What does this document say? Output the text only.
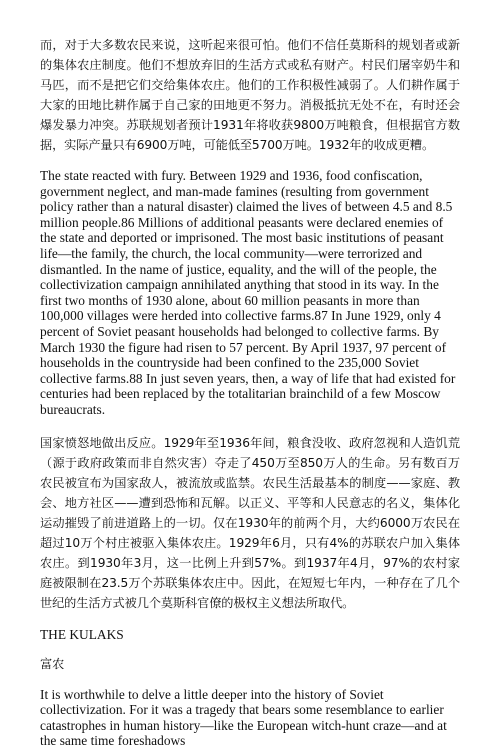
而，对于大多数农民来说，这听起来很可怕。他们不信任莫斯科的规划者或新的集体农庄制度。他们不想放弃旧的生活方式或私有财产。村民们屠宰奶牛和马匹，而不是把它们交给集体农庄。他们的工作积极性减弱了。人们耕作属于大家的田地比耕作属于自己家的田地更不努力。消极抵抗无处不在，有时还会爆发暴力冲突。苏联规划者预计1931年将收获9800万吨粮食，但根据官方数据，实际产量只有6900万吨，可能低至5700万吨。1932年的收成更糟。

The state reacted with fury. Between 1929 and 1936, food confiscation, government neglect, and man-made famines (resulting from government policy rather than a natural disaster) claimed the lives of between 4.5 and 8.5 million people.86 Millions of additional peasants were declared enemies of the state and deported or imprisoned. The most basic institutions of peasant life—the family, the church, the local community—were terrorized and dismantled. In the name of justice, equality, and the will of the people, the collectivization campaign annihilated anything that stood in its way. In the first two months of 1930 alone, about 60 million peasants in more than 100,000 villages were herded into collective farms.87 In June 1929, only 4 percent of Soviet peasant households had belonged to collective farms. By March 1930 the figure had risen to 57 percent. By April 1937, 97 percent of households in the countryside had been confined to the 235,000 Soviet collective farms.88 In just seven years, then, a way of life that had existed for centuries had been replaced by the totalitarian brainchild of a few Moscow bureaucrats.

国家愤怒地做出反应。1929年至1936年间，粮食没收、政府忽视和人造饥荒（源于政府政策而非自然灾害）夺走了450万至850万人的生命。另有数百万农民被宣布为国家敌人，被流放或监禁。农民生活最基本的制度——家庭、教会、地方社区——遭到恐怖和瓦解。以正义、平等和人民意志的名义，集体化运动摧毁了前进道路上的一切。仅在1930年的前两个月，大约6000万农民在超过10万个村庄被驱入集体农庄。1929年6月，只有4%的苏联农户加入集体农庄。到1930年3月，这一比例上升到57%。到1937年4月，97%的农村家庭被限制在23.5万个苏联集体农庄中。因此，在短短七年内，一种存在了几个世纪的生活方式被几个莫斯科官僚的极权主义想法所取代。

THE KULAKS

富农

It is worthwhile to delve a little deeper into the history of Soviet collectivization. For it was a tragedy that bears some resemblance to earlier catastrophes in human history—like the European witch-hunt craze—and at the same time foreshadows
